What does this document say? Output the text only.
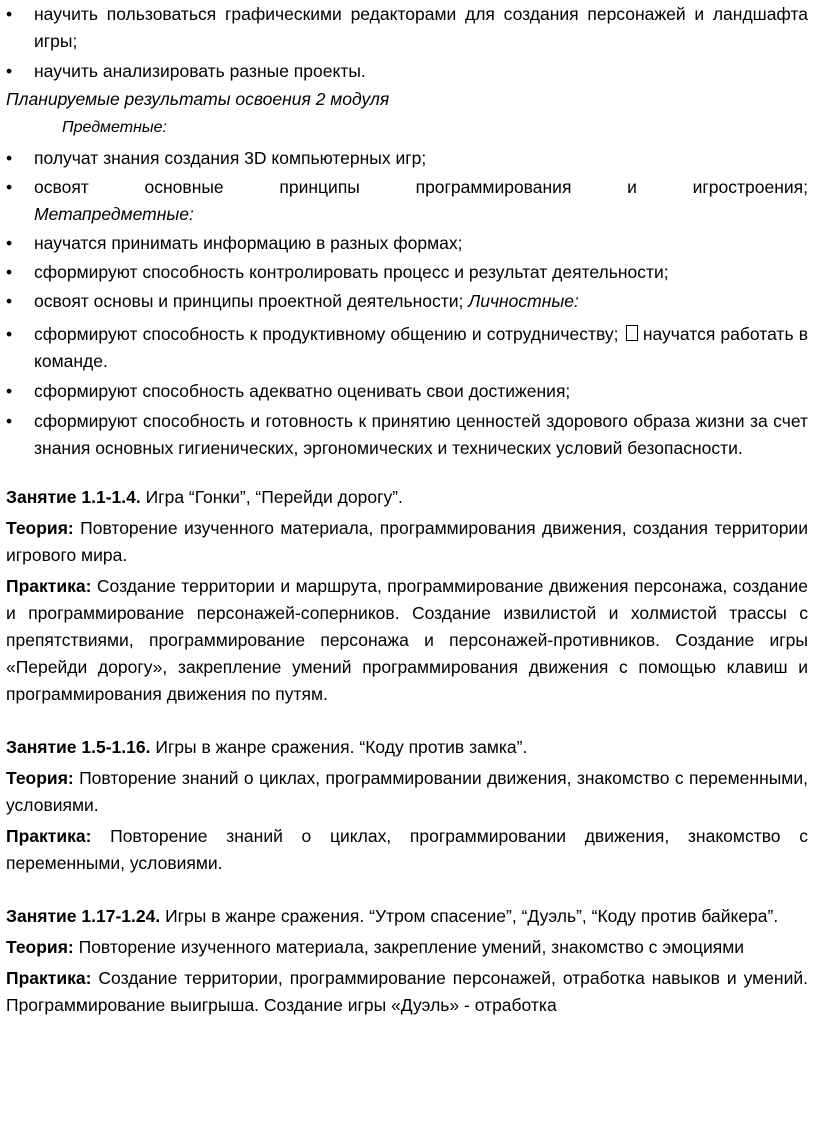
• научить пользоваться графическими редакторами для создания персонажей и ландшафта игры;
• научить анализировать разные проекты.
Планируемые результаты освоения 2 модуля
Предметные:
• получат знания создания 3D компьютерных игр;
• освоят основные принципы программирования и игростроения;
Метапредметные:
• научатся принимать информацию в разных формах;
• сформируют способность контролировать процесс и результат деятельности;
• освоят основы и принципы проектной деятельности; Личностные:
• сформируют способность к продуктивному общению и сотрудничеству; научатся работать в команде.
• сформируют способность адекватно оценивать свои достижения;
• сформируют способность и готовность к принятию ценностей здорового образа жизни за счет знания основных гигиенических, эргономических и технических условий безопасности.
Занятие 1.1-1.4. Игра “Гонки”, “Перейди дорогу”.
Теория: Повторение изученного материала, программирования движения, создания территории игрового мира.
Практика: Создание территории и маршрута, программирование движения персонажа, создание и программирование персонажей-соперников. Создание извилистой и холмистой трассы с препятствиями, программирование персонажа и персонажей-противников. Создание игры «Перейди дорогу», закрепление умений программирования движения с помощью клавиш и программирования движения по путям.
Занятие 1.5-1.16. Игры в жанре сражения. “Коду против замка”.
Теория: Повторение знаний о циклах, программировании движения, знакомство с переменными, условиями.
Практика: Повторение знаний о циклах, программировании движения, знакомство с переменными, условиями.
Занятие 1.17-1.24. Игры в жанре сражения. “Утром спасение”, “Дуэль”, “Коду против байкера”.
Теория: Повторение изученного материала, закрепление умений, знакомство с эмоциями
Практика: Создание территории, программирование персонажей, отработка навыков и умений. Программирование выигрыша. Создание игры «Дуэль» - отработка
